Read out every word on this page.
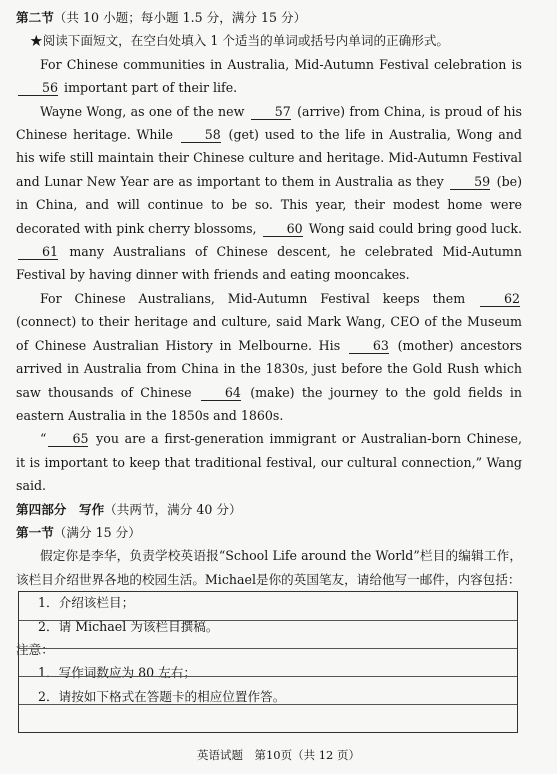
第二节（共 10 小题；每小题 1.5 分，满分 15 分）

★阅读下面短文，在空白处填入 1 个适当的单词或括号内单词的正确形式。

For Chinese communities in Australia, Mid-Autumn Festival celebration is 56 important part of their life.

Wayne Wong, as one of the new 57 (arrive) from China, is proud of his Chinese heritage. While	58 (get) used to the life in Australia, Wong and his wife still maintain their Chinese culture and heritage. Mid-Autumn Festival and Lunar New Year are as important to them in Australia as they 59 (be) in China, and will continue to be so. This year, their modest home were decorated with pink cherry blossoms, 60 Wong said could bring good luck. 61 many Australians of Chinese descent, he celebrated Mid-Autumn Festival by having dinner with friends and eating mooncakes.

For Chinese Australians, Mid-Autumn Festival keeps them	62 (connect) to their heritage and culture, said Mark Wang, CEO of the Museum of Chinese Australian History in Melbourne. His	63 (mother) ancestors arrived in Australia from China in the 1830s, just before the Gold Rush which saw thousands of Chinese	64 (make) the journey to the gold fields in eastern Australia in the 1850s and 1860s.

“ 65 you are a first-generation immigrant or Australian-born Chinese, it is important to keep that traditional festival, our cultural connection,” Wang said.

第四部分　写作（共两节，满分 40 分）
第一节（满分 15 分）

假定你是李华，负责学校英语报“School Life around the World”栏目的编辑工作，该栏目介绍世界各地的校园生活。Michael是你的英国笔友，请给他写一邮件，内容包括：

1．介绍该栏目；
2．请 Michael 为该栏目撰稿。
注意：
1．写作词数应为 80 左右；
2．请按如下格式在答题卡的相应位置作答。
英语试题　第10页（共 12 页）
